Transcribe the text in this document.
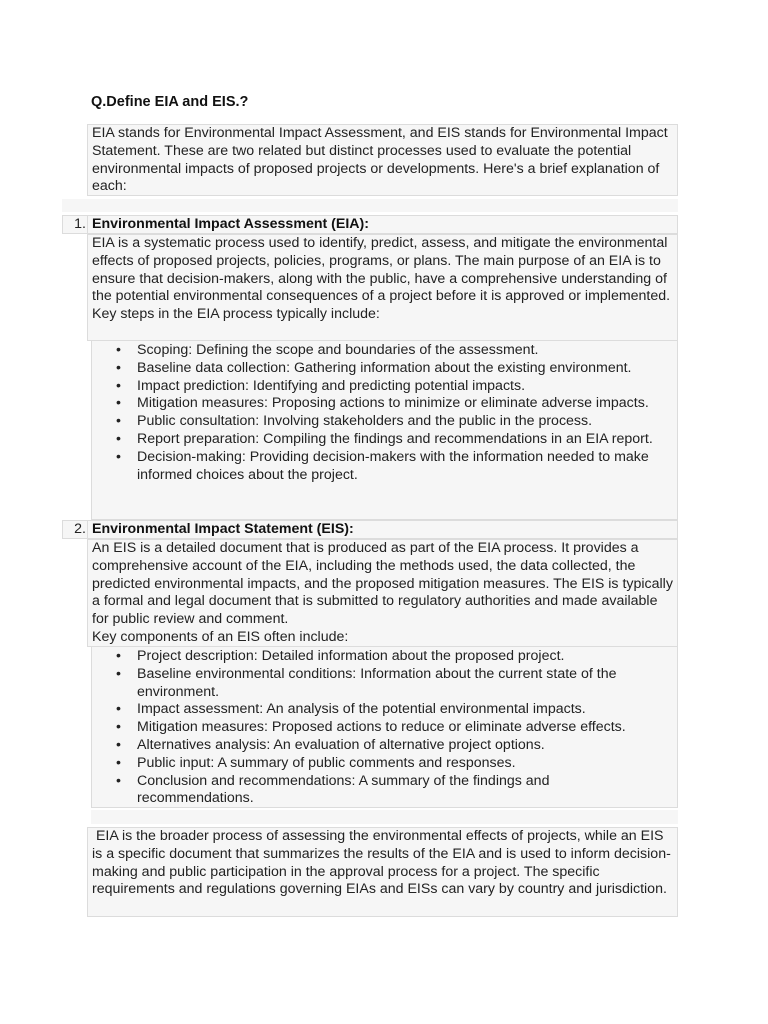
Q.Define EIA and EIS.?

EIA stands for Environmental Impact Assessment, and EIS stands for Environmental Impact Statement. These are two related but distinct processes used to evaluate the potential environmental impacts of proposed projects or developments. Here's a brief explanation of each:

1. Environmental Impact Assessment (EIA):

EIA is a systematic process used to identify, predict, assess, and mitigate the environmental effects of proposed projects, policies, programs, or plans. The main purpose of an EIA is to ensure that decision-makers, along with the public, have a comprehensive understanding of the potential environmental consequences of a project before it is approved or implemented.

Key steps in the EIA process typically include:

• Scoping: Defining the scope and boundaries of the assessment.
• Baseline data collection: Gathering information about the existing environment.
• Impact prediction: Identifying and predicting potential impacts.
• Mitigation measures: Proposing actions to minimize or eliminate adverse impacts.
• Public consultation: Involving stakeholders and the public in the process.
• Report preparation: Compiling the findings and recommendations in an EIA report.
• Decision-making: Providing decision-makers with the information needed to make informed choices about the project.
2. Environmental Impact Statement (EIS):

An EIS is a detailed document that is produced as part of the EIA process. It provides a comprehensive account of the EIA, including the methods used, the data collected, the predicted environmental impacts, and the proposed mitigation measures. The EIS is typically a formal and legal document that is submitted to regulatory authorities and made available for public review and comment.

Key components of an EIS often include:

• Project description: Detailed information about the proposed project.
• Baseline environmental conditions: Information about the current state of the environment.
• Impact assessment: An analysis of the potential environmental impacts.
• Mitigation measures: Proposed actions to reduce or eliminate adverse effects.
• Alternatives analysis: An evaluation of alternative project options.
• Public input: A summary of public comments and responses.
• Conclusion and recommendations: A summary of the findings and recommendations.

EIA is the broader process of assessing the environmental effects of projects, while an EIS is a specific document that summarizes the results of the EIA and is used to inform decision-making and public participation in the approval process for a project. The specific requirements and regulations governing EIAs and EISs can vary by country and jurisdiction.
